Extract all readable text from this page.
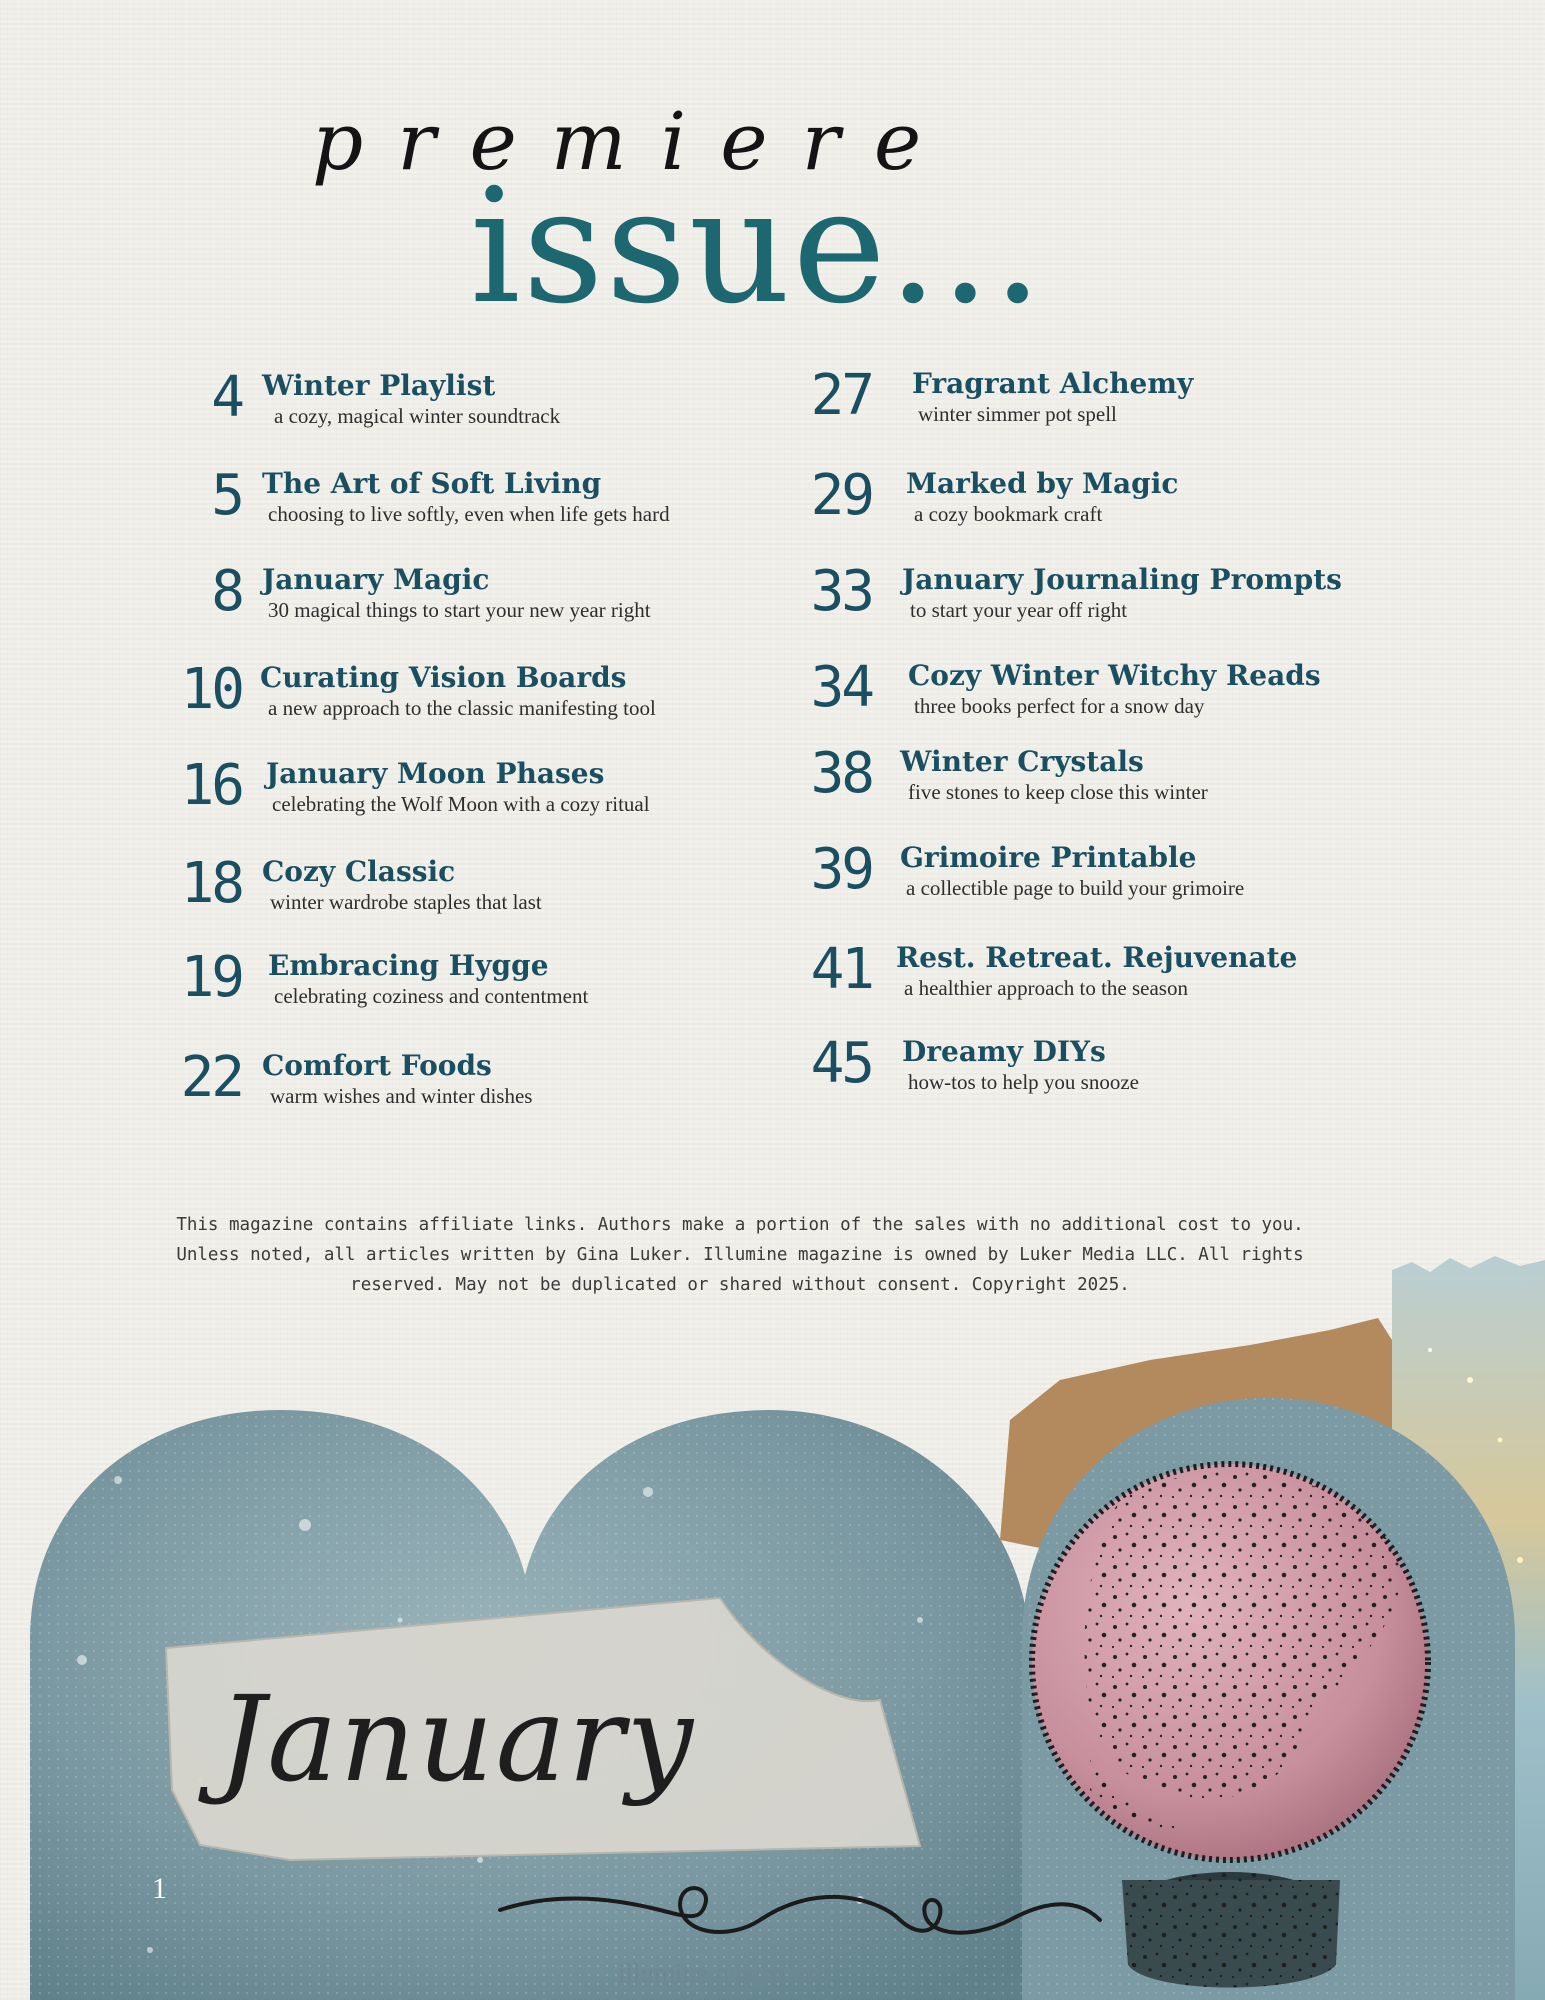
premiere
issue...
4 Winter Playlist
a cozy, magical winter soundtrack
5 The Art of Soft Living
choosing to live softly, even when life gets hard
8 January Magic
30 magical things to start your new year right
10 Curating Vision Boards
a new approach to the classic manifesting tool
16 January Moon Phases
celebrating the Wolf Moon with a cozy ritual
18 Cozy Classic
winter wardrobe staples that last
19 Embracing Hygge
celebrating coziness and contentment
22 Comfort Foods
warm wishes and winter dishes
27 Fragrant Alchemy
winter simmer pot spell
29 Marked by Magic
a cozy bookmark craft
33 January Journaling Prompts
to start your year off right
34 Cozy Winter Witchy Reads
three books perfect for a snow day
38 Winter Crystals
five stones to keep close this winter
39 Grimoire Printable
a collectible page to build your grimoire
41 Rest. Retreat. Rejuvenate
a healthier approach to the season
45 Dreamy DIYs
how-tos to help you snooze
This magazine contains affiliate links. Authors make a portion of the sales with no additional cost to you. Unless noted, all articles written by Gina Luker. Illumine magazine is owned by Luker Media LLC. All rights reserved. May not be duplicated or shared without consent. Copyright 2025.
January
1
illumine magazine
